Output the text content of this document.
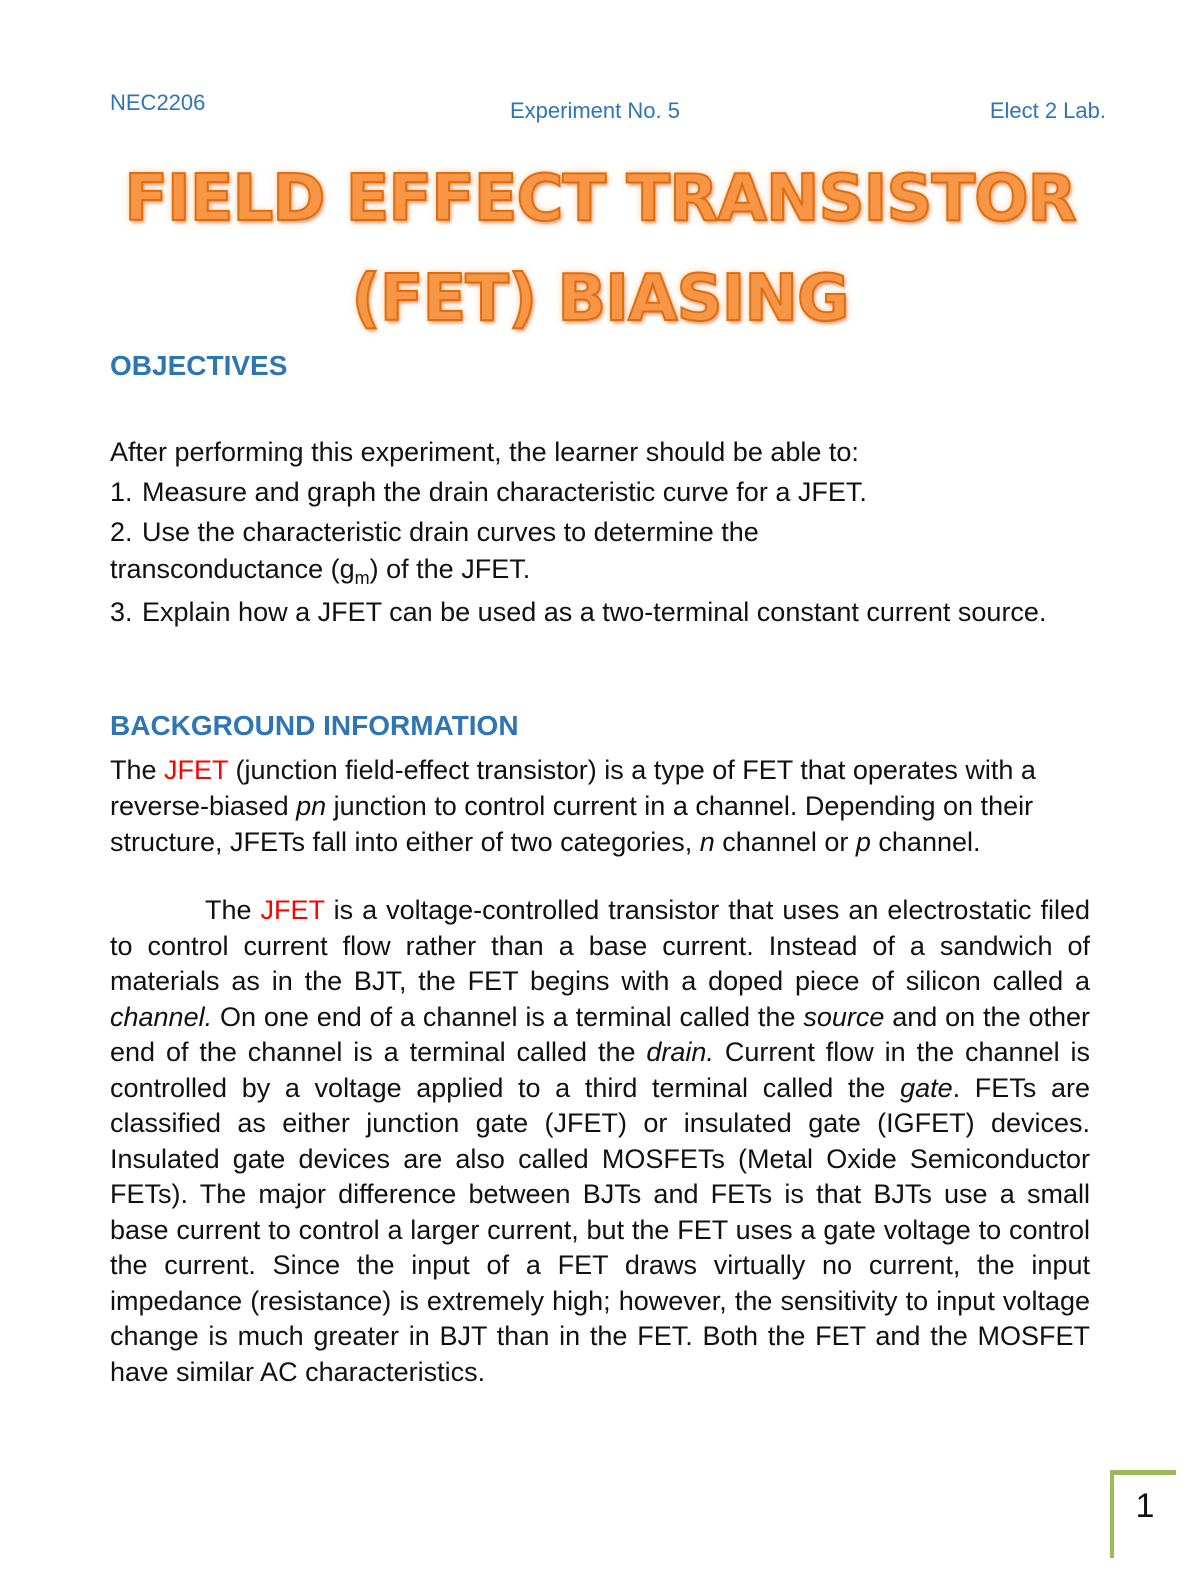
NEC2206	Experiment No. 5	Elect 2 Lab.
FIELD EFFECT TRANSISTOR
(FET) BIASING
OBJECTIVES
After performing this experiment, the learner should be able to:
1. Measure and graph the drain characteristic curve for a JFET.
2. Use the characteristic drain curves to determine the
transconductance $(g_m)$ of the JFET.
3. Explain how a JFET can be used as a two-terminal constant current source.
BACKGROUND INFORMATION
The JFET (junction field-effect transistor) is a type of FET that operates with a reverse-biased pn junction to control current in a channel. Depending on their structure, JFETs fall into either of two categories, n channel or p channel.
The JFET is a voltage-controlled transistor that uses an electrostatic filed to control current flow rather than a base current. Instead of a sandwich of materials as in the BJT, the FET begins with a doped piece of silicon called a channel. On one end of a channel is a terminal called the source and on the other end of the channel is a terminal called the drain. Current flow in the channel is controlled by a voltage applied to a third terminal called the gate. FETs are classified as either junction gate (JFET) or insulated gate (IGFET) devices. Insulated gate devices are also called MOSFETs (Metal Oxide Semiconductor FETs). The major difference between BJTs and FETs is that BJTs use a small base current to control a larger current, but the FET uses a gate voltage to control the current. Since the input of a FET draws virtually no current, the input impedance (resistance) is extremely high; however, the sensitivity to input voltage change is much greater in BJT than in the FET. Both the FET and the MOSFET have similar AC characteristics.
1
